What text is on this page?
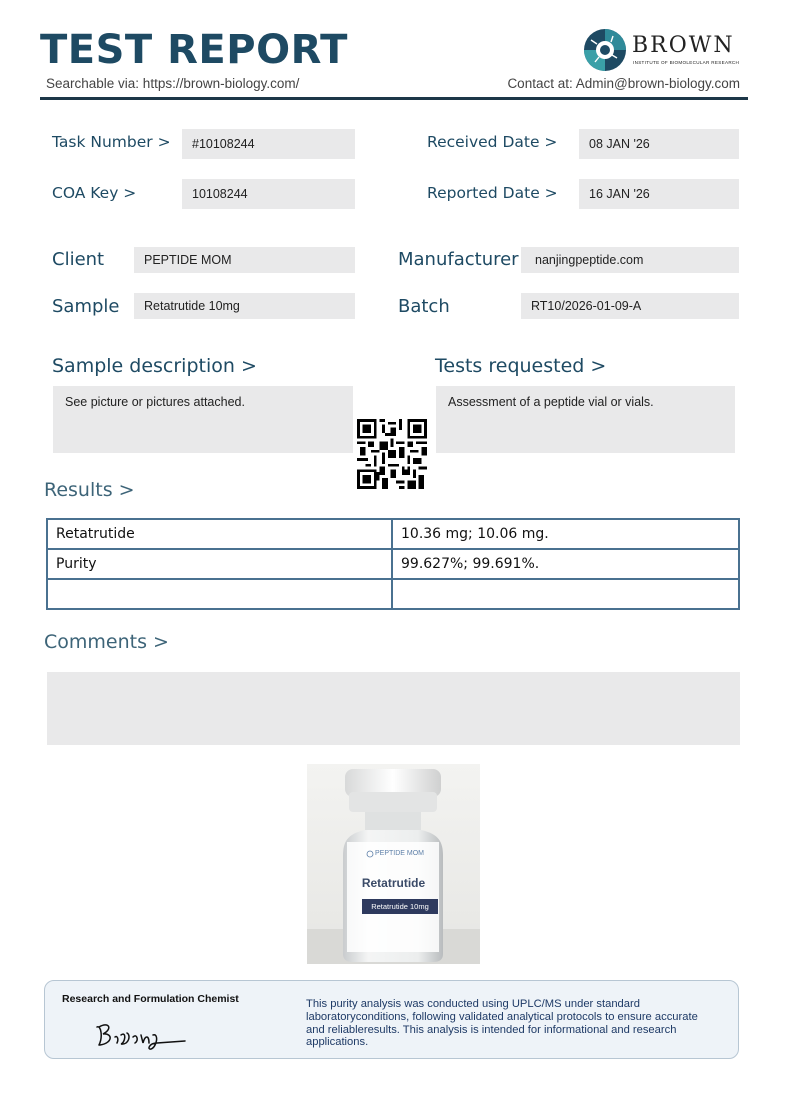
TEST REPORT
Searchable via: https://brown-biology.com/	Contact at: Admin@brown-biology.com
BROWN
INSTITUTE OF BIOMOLECULAR RESEARCH
Task Number >	#10108244	Received Date >	08 JAN '26
COA Key >	10108244	Reported Date >	16 JAN '26
Client	PEPTIDE MOM	Manufacturer	nanjingpeptide.com
Sample	Retatrutide 10mg	Batch	RT10/2026-01-09-A
Sample description >
See picture or pictures attached.
Tests requested >
Assessment of a peptide vial or vials.
Results >
Retatrutide	10.36 mg; 10.06 mg.
Purity	99.627%; 99.691%.

Comments >
PEPTIDE MOM
Retatrutide
Retatrutide 10mg
Research and Formulation Chemist	This purity analysis was conducted using UPLC/MS under standard laboratoryconditions, following validated analytical protocols to ensure accurate and reliableresults. This analysis is intended for informational and research applications.
